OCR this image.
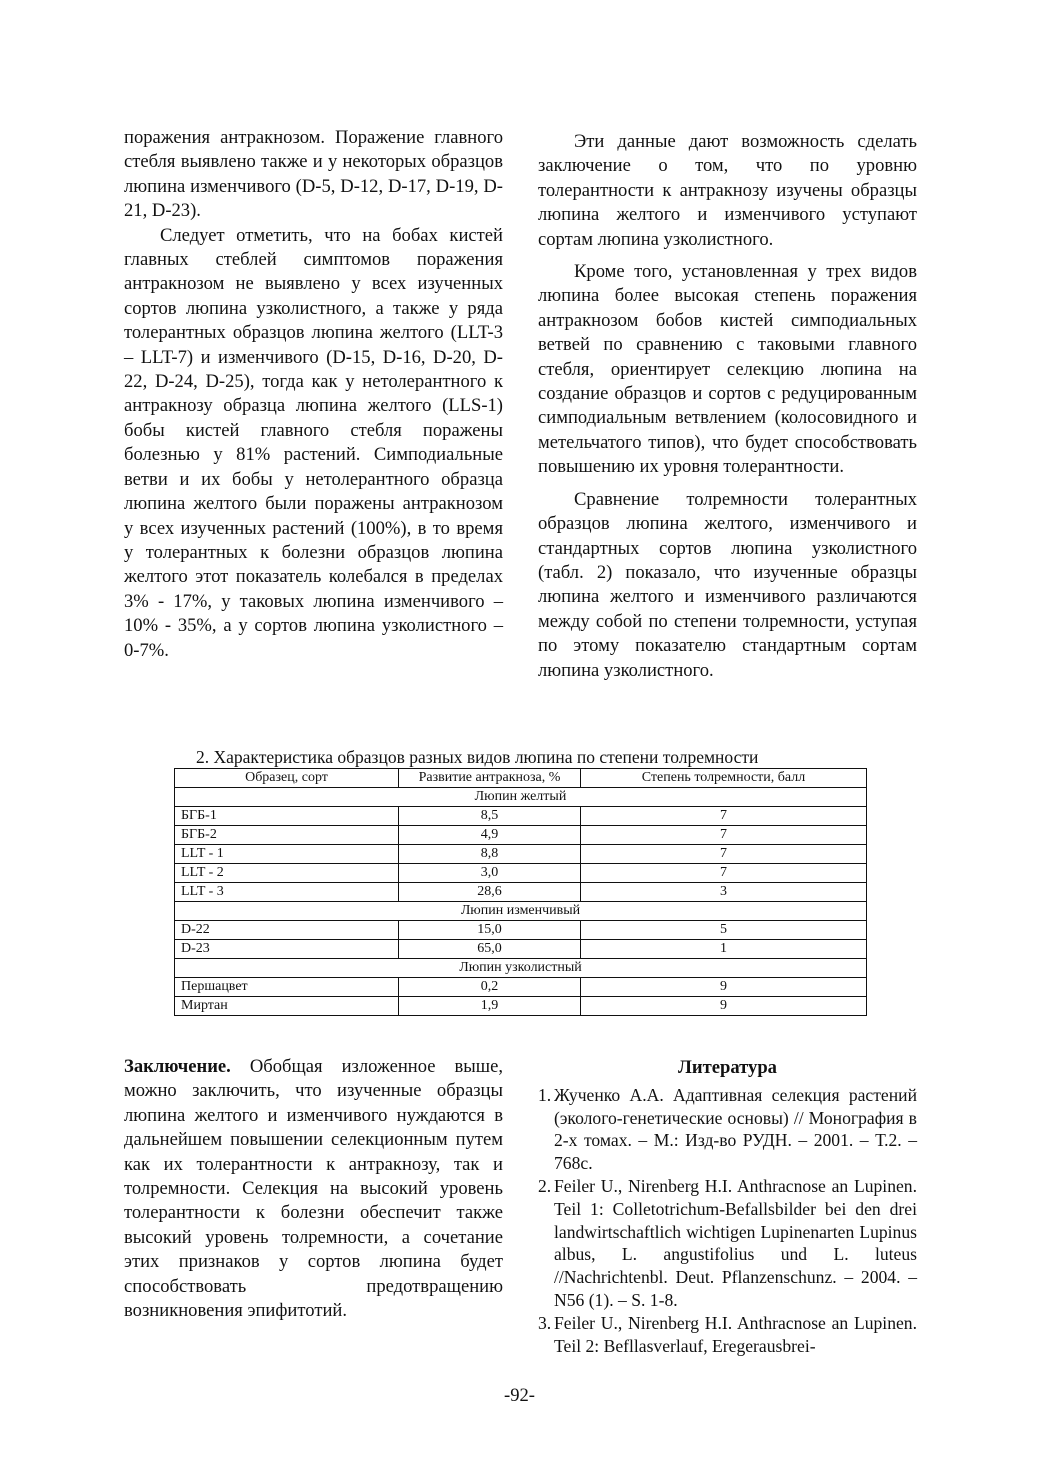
поражения антракнозом. Поражение главного стебля выявлено также и у некоторых образцов люпина изменчивого (D-5, D-12, D-17, D-19, D-21, D-23).

Следует отметить, что на бобах кистей главных стеблей симптомов поражения антракнозом не выявлено у всех изученных сортов люпина узколистного, а также у ряда толерантных образцов люпина желтого (LLT-3 – LLT-7) и изменчивого (D-15, D-16, D-20, D-22, D-24, D-25), тогда как у нетолерантного к антракнозу образца люпина желтого (LLS-1) бобы кистей главного стебля поражены болезнью у 81% растений. Симподиальные ветви и их бобы у нетолерантного образца люпина желтого были поражены антракнозом у всех изученных растений (100%), в то время у толерантных к болезни образцов люпина желтого этот показатель колебался в пределах 3% - 17%, у таковых люпина изменчивого – 10% - 35%, а у сортов люпина узколистного – 0-7%.

Эти данные дают возможность сделать заключение о том, что по уровню толерантности к антракнозу изучены образцы люпина желтого и изменчивого уступают сортам люпина узколистного.

Кроме того, установленная у трех видов люпина более высокая степень поражения антракнозом бобов кистей симподиальных ветвей по сравнению с таковыми главного стебля, ориентирует селекцию люпина на создание образцов и сортов с редуцированным симподиальным ветвлением (колосовидного и метельчатого типов), что будет способствовать повышению их уровня толерантности.

Сравнение толремности толерантных образцов люпина желтого, изменчивого и стандартных сортов люпина узколистного (табл. 2) показало, что изученные образцы люпина желтого и изменчивого различаются между собой по степени толремности, уступая по этому показателю стандартным сортам люпина узколистного.

2. Характеристика образцов разных видов люпина по степени толремности
Образец, сорт	Развитие антракноза, %	Степень толремности, балл
Люпин желтый		
БГБ-1	8,5	7
БГБ-2	4,9	7
LLT - 1	8,8	7
LLT - 2	3,0	7
LLT - 3	28,6	3
Люпин изменчивый		
D-22	15,0	5
D-23	65,0	1
Люпин узколистный		
Першацвет	0,2	9
Миртан	1,9	9
Заключение. Обобщая изложенное выше, можно заключить, что изученные образцы люпина желтого и изменчивого нуждаются в дальнейшем повышении селекционным путем как их толерантности к антракнозу, так и толремности. Селекция на высокий уровень толерантности к болезни обеспечит также высокий уровень толремности, а сочетание этих признаков у сортов люпина будет способствовать предотвращению возникновения эпифитотий.
Литература
1. Жученко А.А. Адаптивная селекция растений (эколого-генетические основы) // Монография в 2-х томах. – М.: Изд-во РУДН. – 2001. – Т.2. – 768с.
2. Feiler U., Nirenberg H.I. Anthracnose an Lupinen. Teil 1: Colletotrichum-Befallsbilder bei den drei landwirtschaftlich wichtigen Lupinenarten Lupinus albus, L. angustifolius und L. luteus //Nachrichtenbl. Deut. Pflanzenschunz. – 2004. – N56 (1). – S. 1-8.
3. Feiler U., Nirenberg H.I. Anthracnose an Lupinen. Teil 2: Befllasverlauf, Eregerausbrei-
-92-
